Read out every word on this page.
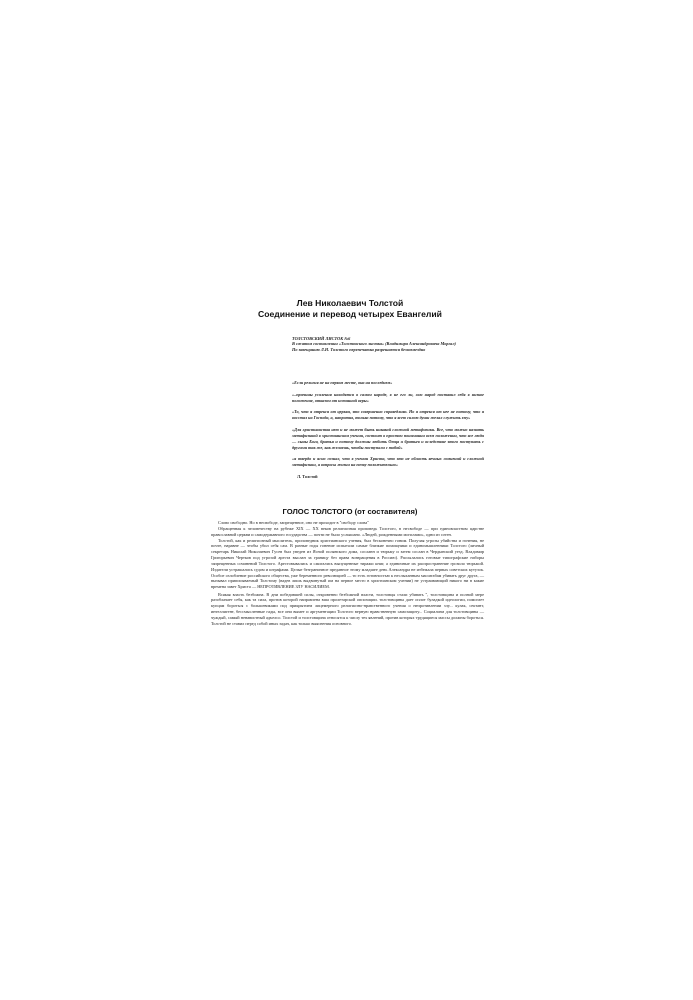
Лев Николаевич Толстой
Соединение и перевод четырех Евангелий
ТОЛСТОВСКИЙ ЛИСТОК №6
В сжатом составлении «Толстовского листка» (Владимира Александровича Моргал)
По завещанию Л.Н. Толстого перепечатка разрешается безвозмездно

«Если религия не на первом месте, она на последнем»

«..причины усиления находятся в самом народе, в не его ли, сам народ поставил себя в низкое положение, отказом от истинной веры»

«То, что я отрекся от церкви, это совершенно справедливо. Но я отрекся от нее не потому, что я восстал на Господа, а, напротив, только потому, что я всею силою души желал служить ему»

«Для христианства нет и не может быть никакой сложной метафизики. Все, что можно назвать метафизикой в христианском учении, состоит в простом понимании всем положении, что все люди — сыны Бога, братья и потому должны любить Отца и братьев и вследствие этого поступать с другими так же, как желаешь, чтобы поступали с тобой»

«я твердо и ясно сознал, что в учении Христа, что это не область вечных сомнений и сложной метафизики, а вопросы жизни на почву положительно»

Л. Толстой

ГОЛОС ТОЛСТОГО (от составителя)

Слово свободно. Но в несвободе, запрещенное, оно не проходит в "свободу слова"

Обращенная к человечеству на рубеже XIX — XX веков религиозная проповедь Толстого, в несвободе — при единовластном царстве православной церкви и самодержавного государства — почти не было услышано. «Людей, рожденными могилами», одни из сотен.

Толстой, как и религиозный мыслитель, проповедник христианского учения, был бесконечно гоним. Получая угрозы убийства и гонения, не почте, наравне — чтобы убил себя сам. В разные годы гонение испытали самые близкие помощники и единомышленники Толстого (личный секретарь Николай Николаевич Гусев был уведен из Ясной полянского дома, сосланн и тюрьму и затем сослан в Чердынский уезд. Владимир Григорьевич Чертков под угрозой ареста выслан за границу без права возвращения в Россию). Рассылались готовые типографские наборы запрещенных сочинений Толстого. Арестовывались и сжигались выпущенные тиражи книг, а единичные их распространение грозило тюрьмой. Издатели устрашались судом и штрафами. Целые безграничное преданное этому младшее день Александра не избежала первых советских кутузок. Особое озлобление российского общества, уже беременного революцией — то есть готовностью к неслыханным масштабам убивать друг друга, — вызывал приписываемый Толстому (вадев лишь выдвинутый им на первое место в христианском учении) не устраивающий никого ни в какие времена завет Христа — НЕПРОТИВЛЕНИЕ ЗЛУ НАСИЛИЕМ.

Всякая власть безбожна. В дни победившей силы, откровенно безбожной власти, толстовцы стали убивать ", толстовщина и полной мере разоблачает себя, как та сила, против которой направлена вша пролетарской оппозиции. толстовщины дает оплот буладкой идеологии, помогает купцам бороться с большевиками под прикрытием лицемерного религиозно-нравственного учения о непротивлении злу... кулак, сектант, интеллигент, бессмысленные гады, все они вымет и аргументации Толстого верную нравственную самозащиту... Социализм для толстовщины — чуждый, самый ненавистный адъелсо. Толстой и толстовщина относятся к числу тех явлений, против которых трудящиеся массы должны бороться. Толстой не ставил перед собой иных задач, как только выяснения основного.
